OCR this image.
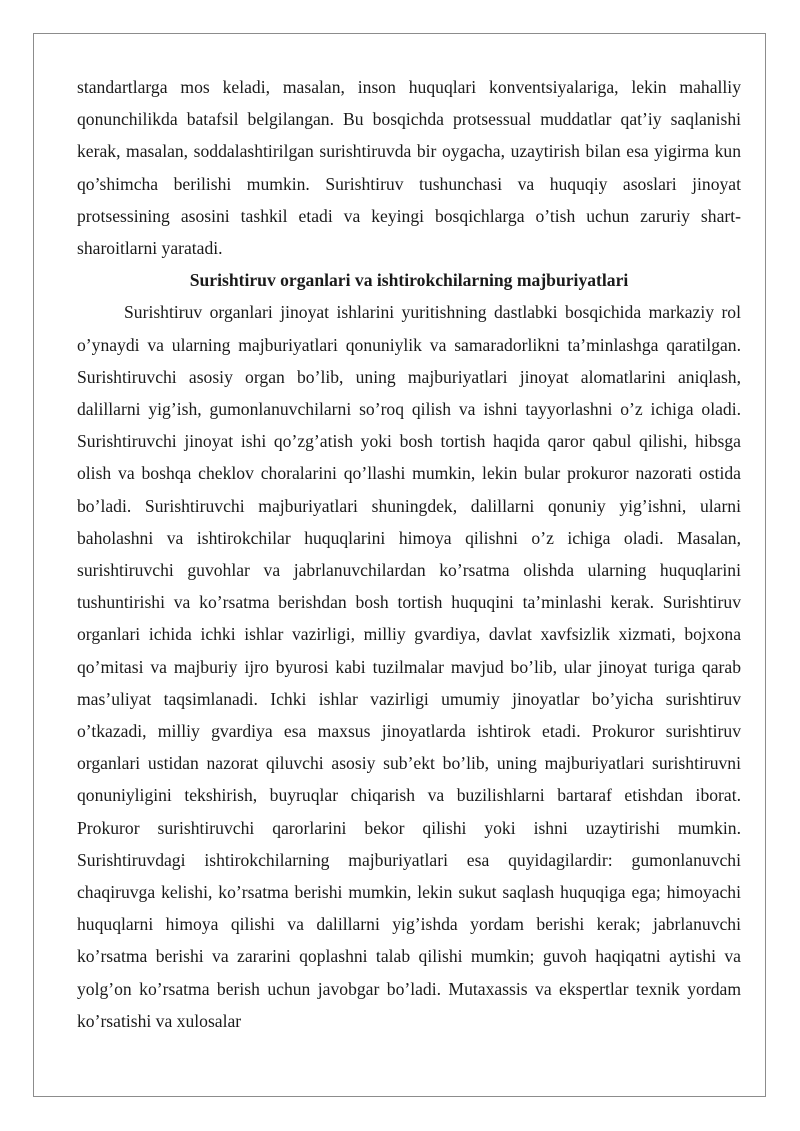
standartlarga mos keladi, masalan, inson huquqlari konventsiyalariga, lekin mahalliy qonunchilikda batafsil belgilangan. Bu bosqichda protsessual muddatlar qat’iy saqlanishi kerak, masalan, soddalashtirilgan surishtiruvda bir oygacha, uzaytirish bilan esa yigirma kun qo’shimcha berilishi mumkin. Surishtiruv tushunchasi va huquqiy asoslari jinoyat protsessining asosini tashkil etadi va keyingi bosqichlarga o’tish uchun zaruriy shart-sharoitlarni yaratadi.

Surishtiruv organlari va ishtirokchilarning majburiyatlari

Surishtiruv organlari jinoyat ishlarini yuritishning dastlabki bosqichida markaziy rol o’ynaydi va ularning majburiyatlari qonuniylik va samaradorlikni ta’minlashga qaratilgan. Surishtiruvchi asosiy organ bo’lib, uning majburiyatlari jinoyat alomatlarini aniqlash, dalillarni yig’ish, gumonlanuvchilarni so’roq qilish va ishni tayyorlashni o’z ichiga oladi. Surishtiruvchi jinoyat ishi qo’zg’atish yoki bosh tortish haqida qaror qabul qilishi, hibsga olish va boshqa cheklov choralarini qo’llashi mumkin, lekin bular prokuror nazorati ostida bo’ladi. Surishtiruvchi majburiyatlari shuningdek, dalillarni qonuniy yig’ishni, ularni baholashni va ishtirokchilar huquqlarini himoya qilishni o’z ichiga oladi. Masalan, surishtiruvchi guvohlar va jabrlanuvchilardan ko’rsatma olishda ularning huquqlarini tushuntirishi va ko’rsatma berishdan bosh tortish huquqini ta’minlashi kerak. Surishtiruv organlari ichida ichki ishlar vazirligi, milliy gvardiya, davlat xavfsizlik xizmati, bojxona qo’mitasi va majburiy ijro byurosi kabi tuzilmalar mavjud bo’lib, ular jinoyat turiga qarab mas’uliyat taqsimlanadi. Ichki ishlar vazirligi umumiy jinoyatlar bo’yicha surishtiruv o’tkazadi, milliy gvardiya esa maxsus jinoyatlarda ishtirok etadi. Prokuror surishtiruv organlari ustidan nazorat qiluvchi asosiy sub’ekt bo’lib, uning majburiyatlari surishtiruvni qonuniyligini tekshirish, buyruqlar chiqarish va buzilishlarni bartaraf etishdan iborat. Prokuror surishtiruvchi qarorlarini bekor qilishi yoki ishni uzaytirishi mumkin. Surishtiruvdagi ishtirokchilarning majburiyatlari esa quyidagilardir: gumonlanuvchi chaqiruvga kelishi, ko’rsatma berishi mumkin, lekin sukut saqlash huquqiga ega; himoyachi huquqlarni himoya qilishi va dalillarni yig’ishda yordam berishi kerak; jabrlanuvchi ko’rsatma berishi va zararini qoplashni talab qilishi mumkin; guvoh haqiqatni aytishi va yolg’on ko’rsatma berish uchun javobgar bo’ladi. Mutaxassis va ekspertlar texnik yordam ko’rsatishi va xulosalar
